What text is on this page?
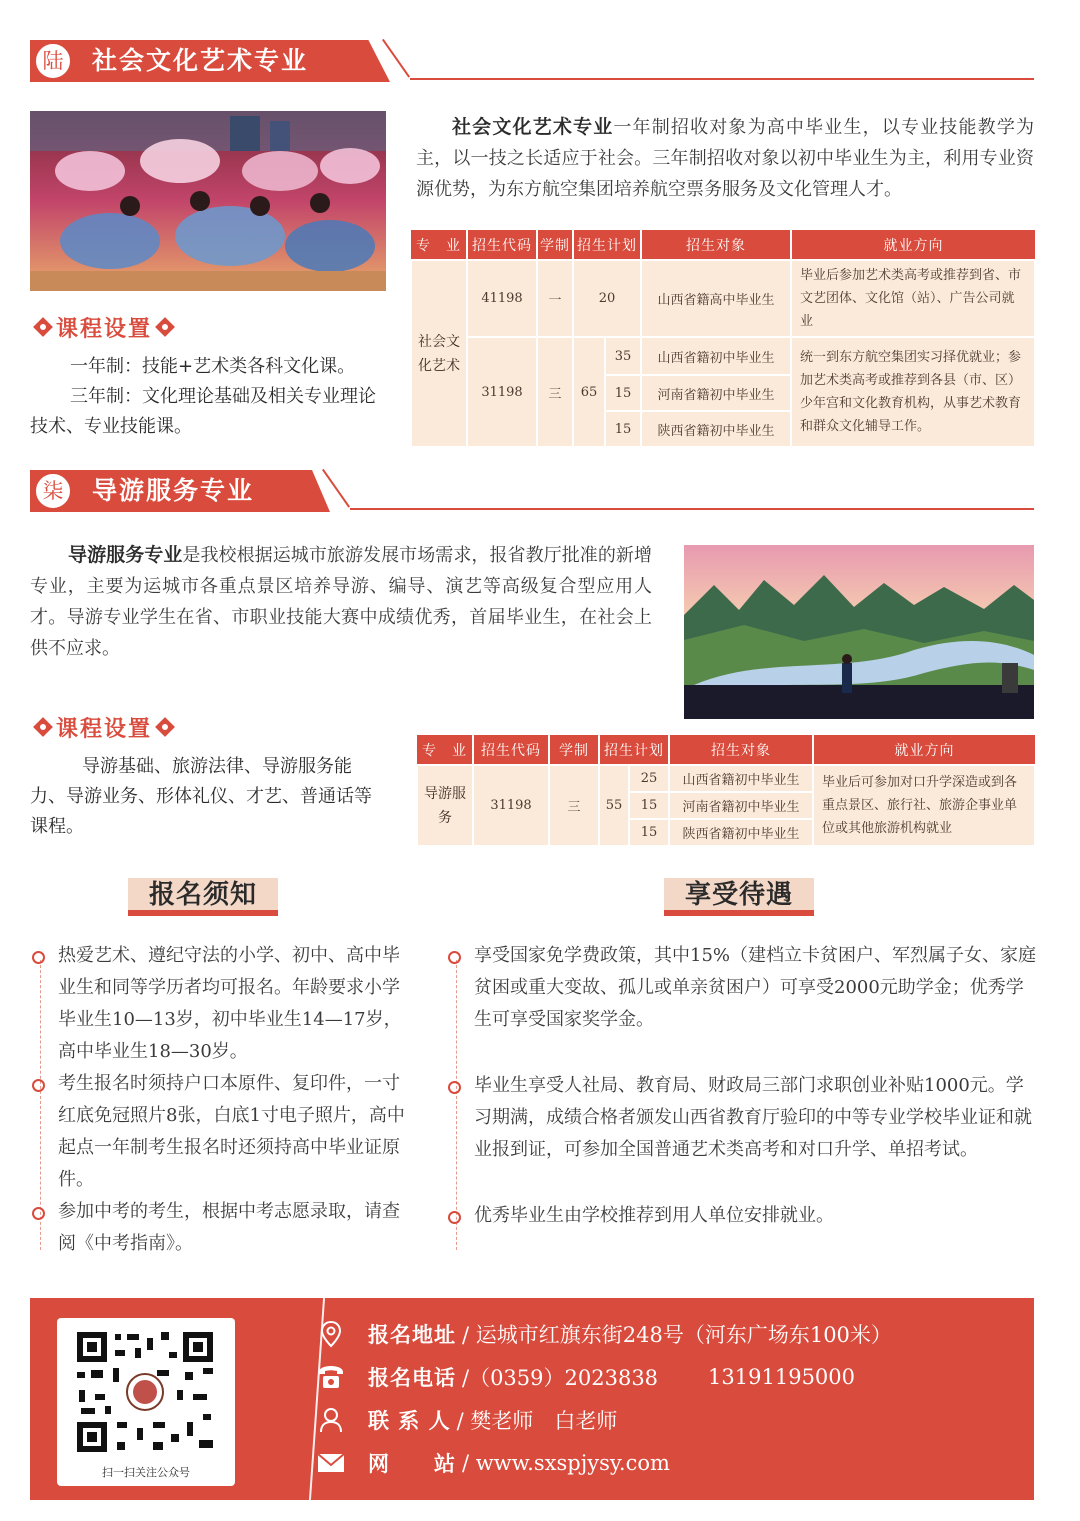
陆	社会文化艺术专业

社会文化艺术专业一年制招收对象为高中毕业生，以专业技能教学为主，以一技之长适应于社会。三年制招收对象以初中毕业生为主，利用专业资源优势，为东方航空集团培养航空票务服务及文化管理人才。

课程设置
一年制：技能+艺术类各科文化课。
三年制：文化理论基础及相关专业理论技术、专业技能课。
专　业	招生代码	学制	招生计划		招生对象	就业方向
社会文化艺术	41198	一	20		山西省籍高中毕业生	毕业后参加艺术类高考或推荐到省、市文艺团体、文化馆（站）、广告公司就业
	31198	三	65	35	山西省籍初中毕业生	统一到东方航空集团实习择优就业；参加艺术类高考或推荐到各县（市、区）少年宫和文化教育机构，从事艺术教育和群众文化辅导工作。
				15	河南省籍初中毕业生	
				15	陕西省籍初中毕业生	
柒	导游服务专业

导游服务专业是我校根据运城市旅游发展市场需求，报省教厅批准的新增专业，主要为运城市各重点景区培养导游、编导、演艺等高级复合型应用人才。导游专业学生在省、市职业技能大赛中成绩优秀，首届毕业生，在社会上供不应求。

课程设置
导游基础、旅游法律、导游服务能力、导游业务、形体礼仪、才艺、普通话等课程。
专　业	招生代码	学制	招生计划		招生对象	就业方向
导游服务	31198	三	55	25	山西省籍初中毕业生	毕业后可参加对口升学深造或到各重点景区、旅行社、旅游企事业单位或其他旅游机构就业
				15	河南省籍初中毕业生	
				15	陕西省籍初中毕业生	
报名须知	享受待遇
热爱艺术、遵纪守法的小学、初中、高中毕业生和同等学历者均可报名。年龄要求小学毕业生10—13岁，初中毕业生14—17岁，高中毕业生18—30岁。
考生报名时须持户口本原件、复印件，一寸红底免冠照片8张，白底1寸电子照片，高中起点一年制考生报名时还须持高中毕业证原件。
参加中考的考生，根据中考志愿录取，请查阅《中考指南》。
享受国家免学费政策，其中15%（建档立卡贫困户、军烈属子女、家庭贫困或重大变故、孤儿或单亲贫困户）可享受2000元助学金；优秀学生可享受国家奖学金。
毕业生享受人社局、教育局、财政局三部门求职创业补贴1000元。学习期满，成绩合格者颁发山西省教育厅验印的中等专业学校毕业证和就业报到证，可参加全国普通艺术类高考和对口升学、单招考试。
优秀毕业生由学校推荐到用人单位安排就业。
扫一扫关注公众号
报名地址 / 运城市红旗东街248号（河东广场东100米）
报名电话 /（0359）2023838 13191195000
联 系 人 / 樊老师　白老师
网　　站 / www.sxspjysy.com
